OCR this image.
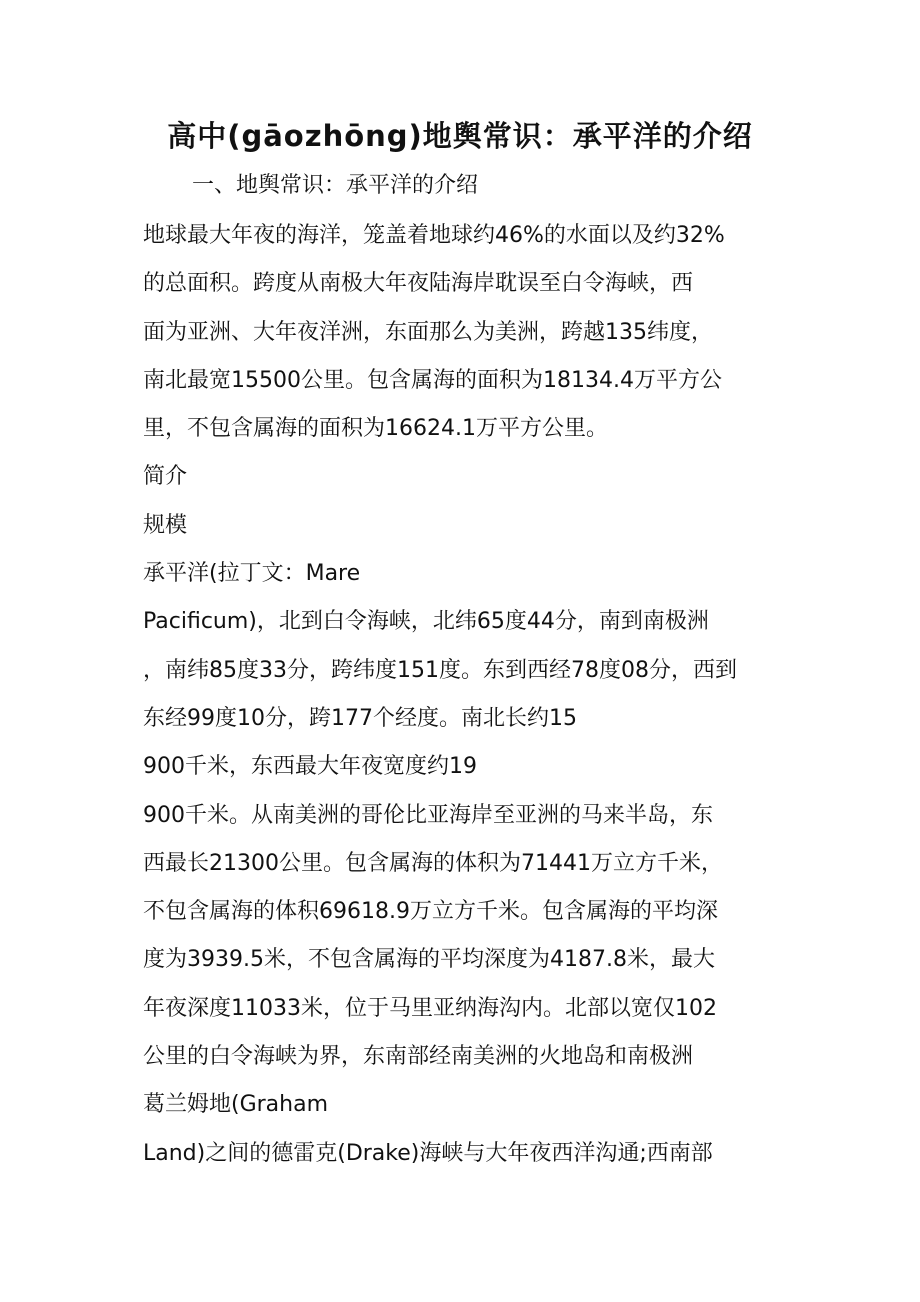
高中(gāozhōng)地舆常识：承平洋的介绍
一、地舆常识：承平洋的介绍
地球最大年夜的海洋，笼盖着地球约46%的水面以及约32%
的总面积。跨度从南极大年夜陆海岸耽误至白令海峡，西
面为亚洲、大年夜洋洲，东面那么为美洲，跨越135纬度，
南北最宽15500公里。包含属海的面积为18134.4万平方公
里，不包含属海的面积为16624.1万平方公里。
简介
规模
承平洋(拉丁文：Mare
Pacificum)，北到白令海峡，北纬65度44分，南到南极洲
，南纬85度33分，跨纬度151度。东到西经78度08分，西到
东经99度10分，跨177个经度。南北长约15
900千米，东西最大年夜宽度约19
900千米。从南美洲的哥伦比亚海岸至亚洲的马来半岛，东
西最长21300公里。包含属海的体积为71441万立方千米，
不包含属海的体积69618.9万立方千米。包含属海的平均深
度为3939.5米，不包含属海的平均深度为4187.8米，最大
年夜深度11033米，位于马里亚纳海沟内。北部以宽仅102
公里的白令海峡为界，东南部经南美洲的火地岛和南极洲
葛兰姆地(Graham
Land)之间的德雷克(Drake)海峡与大年夜西洋沟通;西南部
